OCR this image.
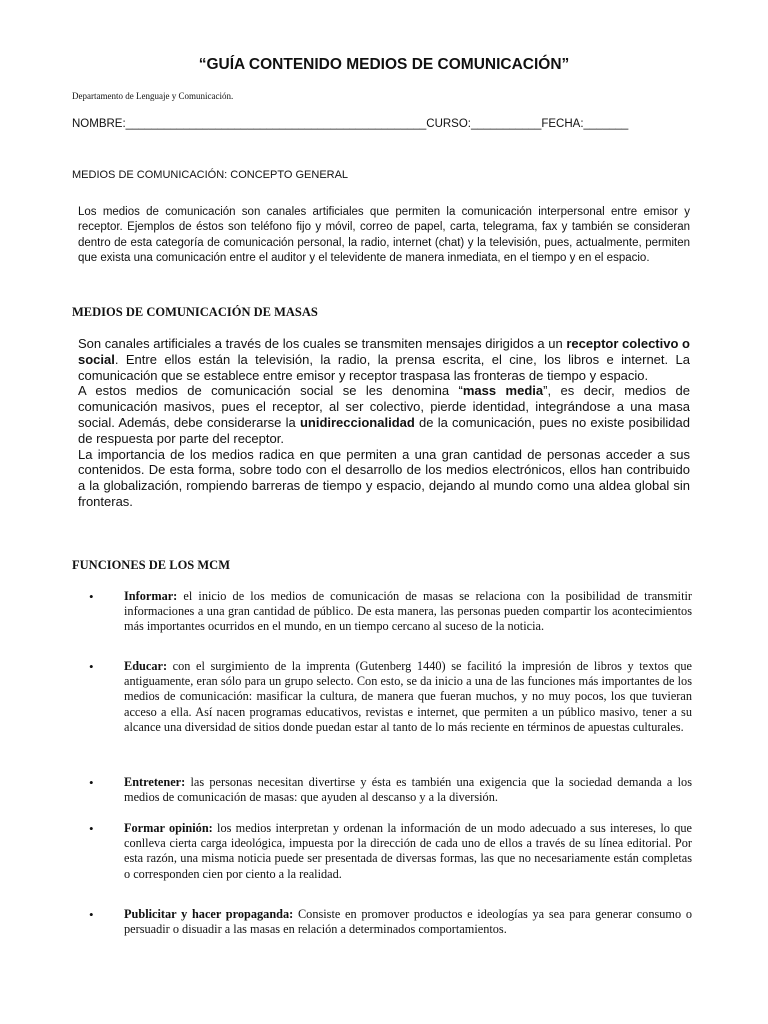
“GUÍA CONTENIDO MEDIOS DE COMUNICACIÓN”
Departamento de Lenguaje y Comunicación.
NOMBRE:_______________________________________________CURSO:___________FECHA:_______
MEDIOS DE COMUNICACIÓN: CONCEPTO GENERAL
Los medios de comunicación son canales artificiales que permiten la comunicación interpersonal entre emisor y receptor. Ejemplos de éstos son teléfono fijo y móvil, correo de papel, carta, telegrama, fax y también se consideran dentro de esta categoría de comunicación personal, la radio, internet (chat) y la televisión, pues, actualmente, permiten que exista una comunicación entre el auditor y el televidente de manera inmediata, en el tiempo y en el espacio.
MEDIOS DE COMUNICACIÓN DE MASAS

Son canales artificiales a través de los cuales se transmiten mensajes dirigidos a un receptor colectivo o social. Entre ellos están la televisión, la radio, la prensa escrita, el cine, los libros e internet. La comunicación que se establece entre emisor y receptor traspasa las fronteras de tiempo y espacio.

A estos medios de comunicación social se les denomina “mass media”, es decir, medios de comunicación masivos, pues el receptor, al ser colectivo, pierde identidad, integrándose a una masa social. Además, debe considerarse la unidireccionalidad de la comunicación, pues no existe posibilidad de respuesta por parte del receptor.

La importancia de los medios radica en que permiten a una gran cantidad de personas acceder a sus contenidos. De esta forma, sobre todo con el desarrollo de los medios electrónicos, ellos han contribuido a la globalización, rompiendo barreras de tiempo y espacio, dejando al mundo como una aldea global sin fronteras.

FUNCIONES DE LOS MCM
•	Informar: el inicio de los medios de comunicación de masas se relaciona con la posibilidad de transmitir informaciones a una gran cantidad de público. De esta manera, las personas pueden compartir los acontecimientos más importantes ocurridos en el mundo, en un tiempo cercano al suceso de la noticia.
•	Educar: con el surgimiento de la imprenta (Gutenberg 1440) se facilitó la impresión de libros y textos que antiguamente, eran sólo para un grupo selecto. Con esto, se da inicio a una de las funciones más importantes de los medios de comunicación: masificar la cultura, de manera que fueran muchos, y no muy pocos, los que tuvieran acceso a ella. Así nacen programas educativos, revistas e internet, que permiten a un público masivo, tener a su alcance una diversidad de sitios donde puedan estar al tanto de lo más reciente en términos de apuestas culturales.
•	Entretener: las personas necesitan divertirse y ésta es también una exigencia que la sociedad demanda a los medios de comunicación de masas: que ayuden al descanso y a la diversión.
•	Formar opinión: los medios interpretan y ordenan la información de un modo adecuado a sus intereses, lo que conlleva cierta carga ideológica, impuesta por la dirección de cada uno de ellos a través de su línea editorial. Por esta razón, una misma noticia puede ser presentada de diversas formas, las que no necesariamente están completas o corresponden cien por ciento a la realidad.
•	Publicitar y hacer propaganda: Consiste en promover productos e ideologías ya sea para generar consumo o persuadir o disuadir a las masas en relación a determinados comportamientos.
